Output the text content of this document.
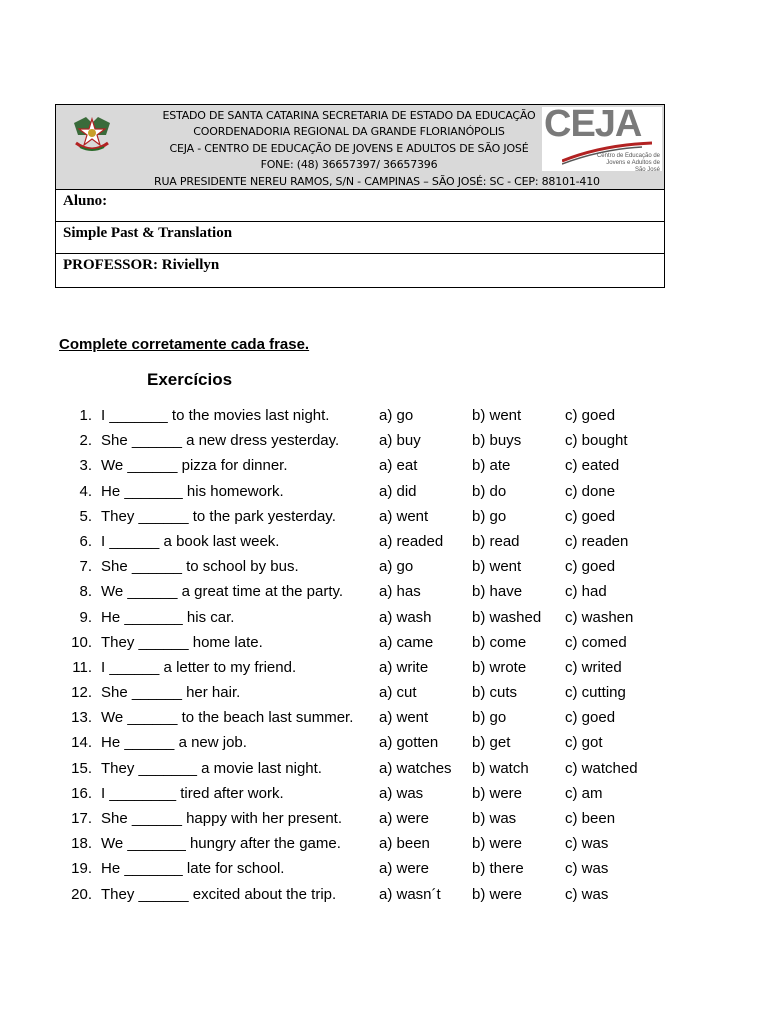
ESTADO DE SANTA CATARINA SECRETARIA DE ESTADO DA EDUCAÇÃO
COORDENADORIA REGIONAL DA GRANDE FLORIANÓPOLIS
CEJA - CENTRO DE EDUCAÇÃO DE JOVENS E ADULTOS DE SÃO JOSÉ
FONE: (48) 36657397/ 36657396
RUA PRESIDENTE NEREU RAMOS, S/N - CAMPINAS – SÃO JOSÉ: SC - CEP: 88101-410
CEJA
Centro de Educação de Jovens e Adultos de São José
Aluno:
Simple Past & Translation
PROFESSOR: Riviellyn
Complete corretamente cada frase.
Exercícios
1. I _______ to the movies last night.	a) go	b) went	c) goed
2. She ______ a new dress yesterday.	a) buy	b) buys	c) bought
3. We ______ pizza for dinner.	a) eat	b) ate	c) eated
4. He _______ his homework.	a) did	b) do	c) done
5. They ______ to the park yesterday.	a) went	b) go	c) goed
6. I ______ a book last week.	a) readed b) read	c) readen
7. She ______ to school by bus.	a) go	b) went	c) goed
8. We ______ a great time at the party. a) has	b) have	c) had
9. He _______ his car.	a) wash	b) washed c) washen
10. They ______ home late.	a) came	b) come	c) comed
11. I ______ a letter to my friend.	a) write	b) wrote	c) writed
12. She ______ her hair.	a) cut	b) cuts	c) cutting
13. We ______ to the beach last summer. a) went	b) go	c) goed
14. He ______ a new job.	a) gotten b) get	c) got
15. They _______ a movie last night.	a) watches b) watch c) watched
16. I ________ tired after work.	a) was	b) were	c) am
17. She ______ happy with her present. a) were	b) was	c) been
18. We _______ hungry after the game.	a) been	b) were	c) was
19. He _______ late for school.	a) were	b) there	c) was
20. They ______ excited about the trip.	a) wasn´t b) were	c) was
